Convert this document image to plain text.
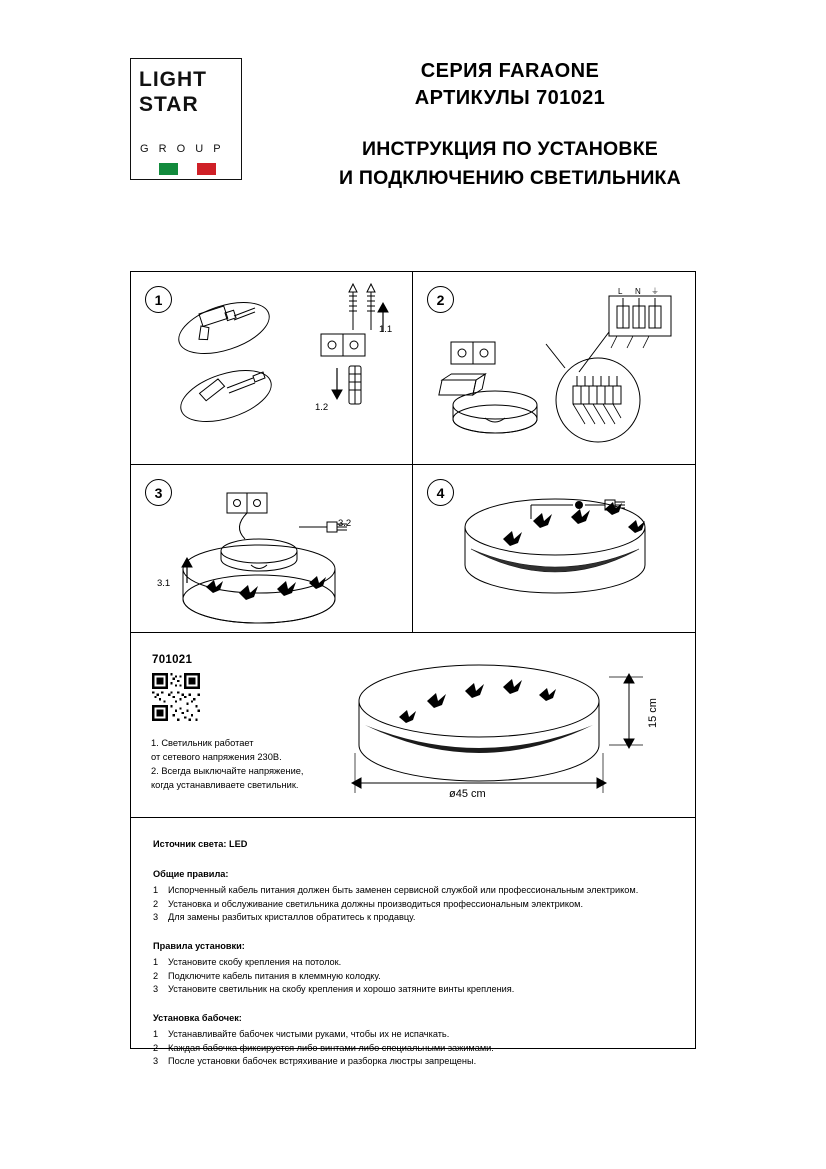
LIGHT
STAR
G R O U P
СЕРИЯ FARAONE
АРТИКУЛЫ 701021
ИНСТРУКЦИЯ ПО УСТАНОВКЕ
И ПОДКЛЮЧЕНИЮ СВЕТИЛЬНИКА
1
1.1
1.2
2	L N ⏚
3
3.2
3.1
4
701021
1. Светильник работает
от сетевого напряжения 230В.
2. Всегда выключайте напряжение,
когда устанавливаете светильник.
15 cm
ø45 cm
Источник света: LED
Общие правила:
1	Испорченный кабель питания должен быть заменен сервисной службой или профессиональным электриком.
2	Установка и обслуживание светильника должны производиться профессиональным электриком.
3	Для замены разбитых кристаллов обратитесь к продавцу.
Правила установки:
1	Установите скобу крепления на потолок.
2	Подключите кабель питания в клеммную колодку.
3	Установите светильник на скобу крепления и хорошо затяните винты крепления.
Установка бабочек:
1	Устанавливайте бабочек чистыми руками, чтобы их не испачкать.
2	Каждая бабочка фиксируется либо винтами либо специальными зажимами.
3	После установки бабочек встряхивание и разборка люстры запрещены.
